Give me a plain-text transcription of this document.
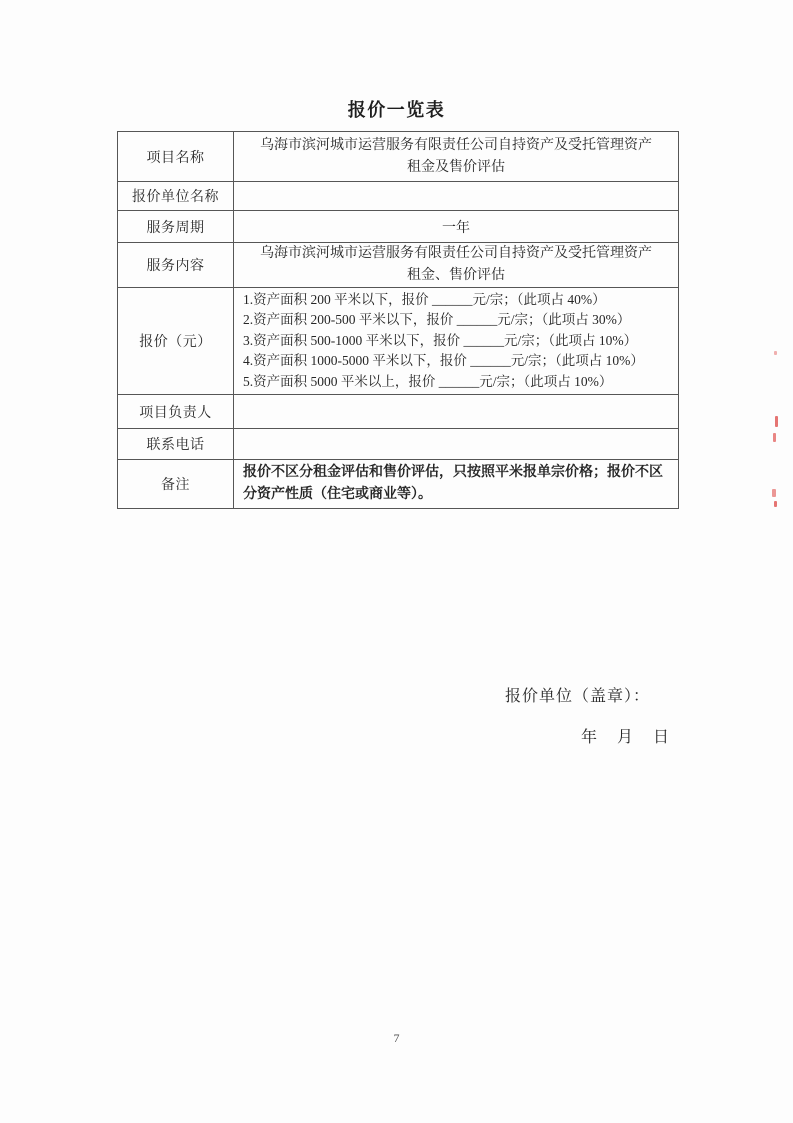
报价一览表
项目名称	乌海市滨河城市运营服务有限责任公司自持资产及受托管理资产
租金及售价评估

报价单位名称	
服务周期	一年
服务内容	乌海市滨河城市运营服务有限责任公司自持资产及受托管理资产
租金、售价评估

报价（元）	1.资产面积 200 平米以下，报价 ______元/宗；（此项占 40%）
2.资产面积 200-500 平米以下，报价 ______元/宗；（此项占 30%）
3.资产面积 500-1000 平米以下，报价 ______元/宗；（此项占 10%）
4.资产面积 1000-5000 平米以下，报价 ______元/宗；（此项占 10%）
5.资产面积 5000 平米以上，报价 ______元/宗；（此项占 10%）

项目负责人	
联系电话	
备注	报价不区分租金评估和售价评估，只按照平米报单宗价格；报价不区
分资产性质（住宅或商业等）。
报价单位（盖章）：
年　月　日
7
